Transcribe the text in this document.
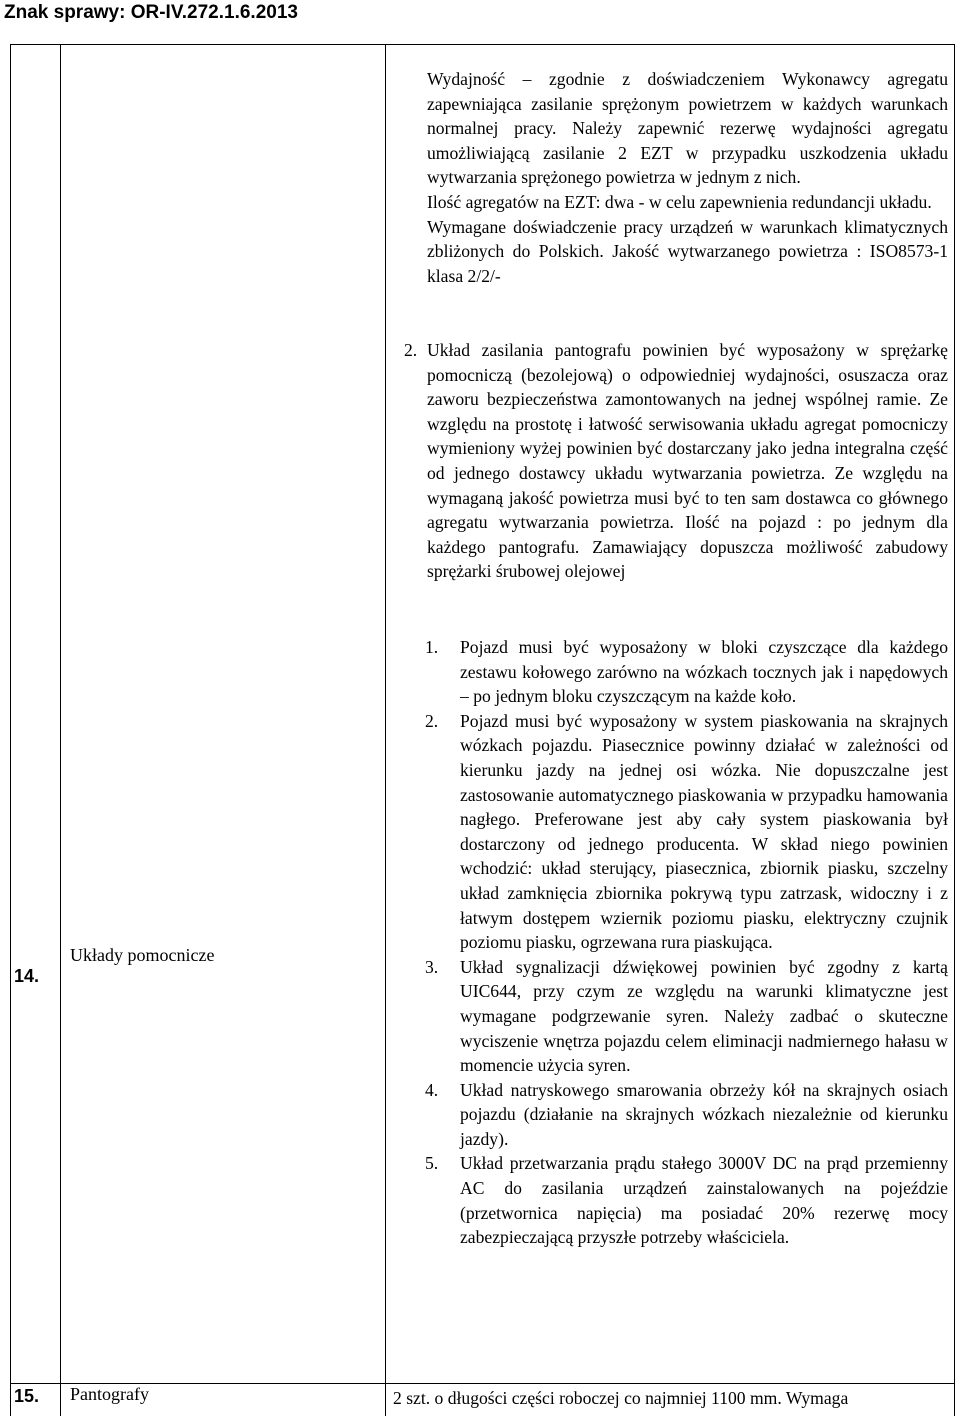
Znak sprawy: OR-IV.272.1.6.2013
14.
Układy pomocnicze

Wydajność – zgodnie z doświadczeniem Wykonawcy agregatu zapewniająca zasilanie sprężonym powietrzem w każdych warunkach normalnej pracy. Należy zapewnić rezerwę wydajności agregatu umożliwiającą zasilanie 2 EZT w przypadku uszkodzenia układu wytwarzania sprężonego powietrza w jednym z nich.

Ilość agregatów na EZT: dwa - w celu zapewnienia redundancji układu.

Wymagane doświadczenie pracy urządzeń w warunkach klimatycznych zbliżonych do Polskich. Jakość wytwarzanego powietrza : ISO8573-1 klasa 2/2/-

2. Układ zasilania pantografu powinien być wyposażony w sprężarkę pomocniczą (bezolejową) o odpowiedniej wydajności, osuszacza oraz zaworu bezpieczeństwa zamontowanych na jednej wspólnej ramie. Ze względu na prostotę i łatwość serwisowania układu agregat pomocniczy wymieniony wyżej powinien być dostarczany jako jedna integralna część od jednego dostawcy układu wytwarzania powietrza. Ze względu na wymaganą jakość powietrza musi być to ten sam dostawca co głównego agregatu wytwarzania powietrza. Ilość na pojazd : po jednym dla każdego pantografu. Zamawiający dopuszcza możliwość zabudowy sprężarki śrubowej olejowej
1. Pojazd musi być wyposażony w bloki czyszczące dla każdego zestawu kołowego zarówno na wózkach tocznych jak i napędowych – po jednym bloku czyszczącym na każde koło.
2. Pojazd musi być wyposażony w system piaskowania na skrajnych wózkach pojazdu. Piasecznice powinny działać w zależności od kierunku jazdy na jednej osi wózka. Nie dopuszczalne jest zastosowanie automatycznego piaskowania w przypadku hamowania nagłego. Preferowane jest aby cały system piaskowania był dostarczony od jednego producenta. W skład niego powinien wchodzić: układ sterujący, piasecznica, zbiornik piasku, szczelny układ zamknięcia zbiornika pokrywą typu zatrzask, widoczny i z łatwym dostępem wziernik poziomu piasku, elektryczny czujnik poziomu piasku, ogrzewana rura piaskująca.
3. Układ sygnalizacji dźwiękowej powinien być zgodny z kartą UIC644, przy czym ze względu na warunki klimatyczne jest wymagane podgrzewanie syren. Należy zadbać o skuteczne wyciszenie wnętrza pojazdu celem eliminacji nadmiernego hałasu w momencie użycia syren.
4. Układ natryskowego smarowania obrzeży kół na skrajnych osiach pojazdu (działanie na skrajnych wózkach niezależnie od kierunku jazdy).
5. Układ przetwarzania prądu stałego 3000V DC na prąd przemienny AC do zasilania urządzeń zainstalowanych na pojeździe (przetwornica napięcia) ma posiadać 20% rezerwę mocy zabezpieczającą przyszłe potrzeby właściciela.
15. Pantografy	2 szt. o długości części roboczej co najmniej 1100 mm. Wymaga
